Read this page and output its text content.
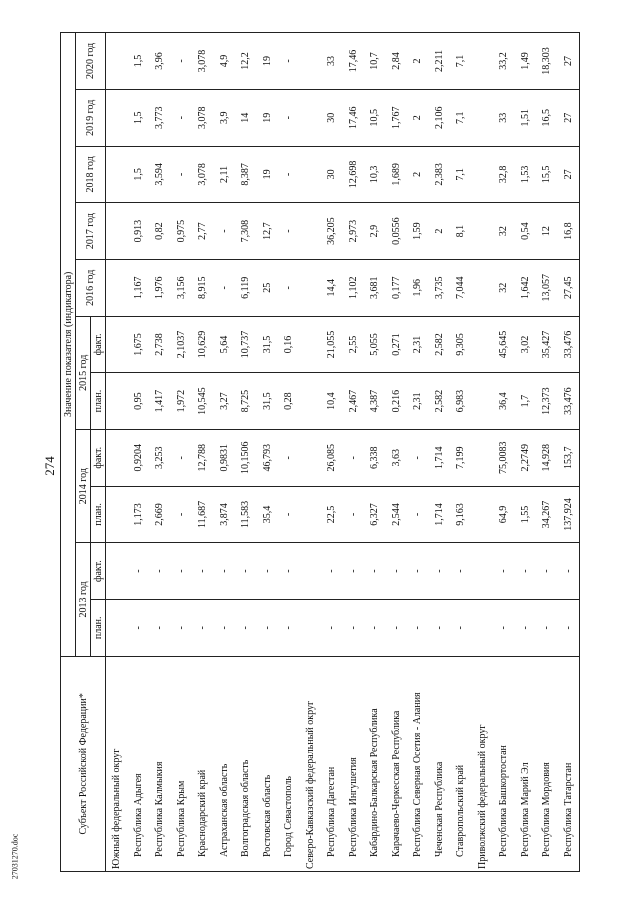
274
27031270.doc
Субъект Российской Федерации*	Значение показателя (индикатора)										
	2013 год		2014 год		2015 год		2016 год	2017 год	2018 год	2019 год	2020 год
	план.	факт.	план.	факт.	план.	факт.					
Южный федеральный округ											
Республика Адыгея	-	-	1,173	0,9204	0,95	1,675	1,167	0,913	1,5	1,5	1,5
Республика Калмыкия	-	-	2,669	3,253	1,417	2,738	1,976	0,82	3,594	3,773	3,96
Республика Крым	-	-	-	-	1,972	2,1037	3,156	0,975	-	-	-
Краснодарский край	-	-	11,687	12,788	10,545	10,629	8,915	2,77	3,078	3,078	3,078
Астраханская область	-	-	3,874	0,9831	3,27	5,64	-	-	2,11	3,9	4,9
Волгоградская область	-	-	11,583	10,1506	8,725	10,737	6,119	7,308	8,387	14	12,2
Ростовская область	-	-	35,4	46,793	31,5	31,5	25	12,7	19	19	19
Город Севастополь	-	-	-	-	0,28	0,16	-	-	-	-	-
Северо-Кавказский федеральный округ											
Республика Дагестан	-	-	22,5	26,085	10,4	21,055	14,4	36,205	30	30	33
Республика Ингушетия	-	-	-	-	2,467	2,55	1,102	2,973	12,698	17,46	17,46
Кабардино-Балкарская Республика	-	-	6,327	6,338	4,387	5,055	3,681	2,9	10,3	10,5	10,7
Карачаево-Черкесская Республика	-	-	2,544	3,63	0,216	0,271	0,177	0,0556	1,689	1,767	2,84
Республика Северная Осетия - Алания	-	-	-	-	2,31	2,31	1,96	1,59	2	2	2
Чеченская Республика	-	-	1,714	1,714	2,582	2,582	3,735	2	2,383	2,106	2,211
Ставропольский край	-	-	9,163	7,199	6,983	9,305	7,044	8,1	7,1	7,1	7,1
Приволжский федеральный округ											
Республика Башкортостан	-	-	64,9	75,0083	36,4	45,645	32	32	32,8	33	33,2
Республика Марий Эл	-	-	1,55	2,2749	1,7	3,02	1,642	0,54	1,53	1,51	1,49
Республика Мордовия	-	-	34,267	14,928	12,373	35,427	13,057	12	15,5	16,5	18,303
Республика Татарстан	-	-	137,924	153,7	33,476	33,476	27,45	16,8	27	27	27
